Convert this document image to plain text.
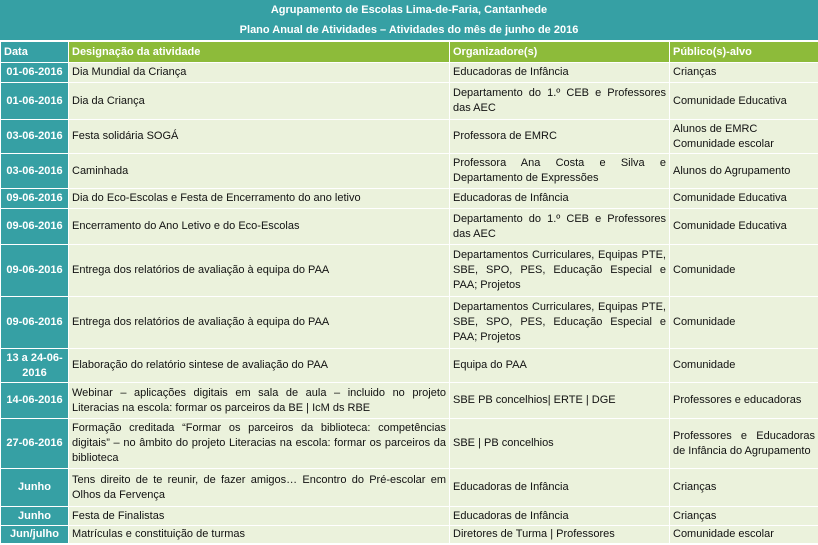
Agrupamento de Escolas Lima-de-Faria, Cantanhede
Plano Anual de Atividades – Atividades do mês de junho de 2016
Data	Designação da atividade	Organizadore(s)	Público(s)-alvo
01-06-2016	Dia Mundial da Criança	Educadoras de Infância	Crianças
01-06-2016	Dia da Criança	Departamento do 1.º CEB e Professores das AEC	Comunidade Educativa
03-06-2016	Festa solidária SOGÁ	Professora de EMRC	Alunos de EMRC Comunidade escolar
03-06-2016	Caminhada	Professora Ana Costa e Silva e Departamento de Expressões	Alunos do Agrupamento
09-06-2016	Dia do Eco-Escolas e Festa de Encerramento do ano letivo	Educadoras de Infância	Comunidade Educativa
09-06-2016	Encerramento do Ano Letivo e do Eco-Escolas	Departamento do 1.º CEB e Professores das AEC	Comunidade Educativa
09-06-2016	Entrega dos relatórios de avaliação à equipa do PAA	Departamentos Curriculares, Equipas PTE, SBE, SPO, PES, Educação Especial e PAA; Projetos	Comunidade
09-06-2016	Entrega dos relatórios de avaliação à equipa do PAA	Departamentos Curriculares, Equipas PTE, SBE, SPO, PES, Educação Especial e PAA; Projetos	Comunidade
13 a 24-06-2016	Elaboração do relatório sintese de avaliação do PAA	Equipa do PAA	Comunidade
14-06-2016	Webinar – aplicações digitais em sala de aula – incluido no projeto Literacias na escola: formar os parceiros da BE | IcM ds RBE	SBE PB concelhios| ERTE | DGE	Professores e educadoras
27-06-2016	Formação creditada “Formar os parceiros da biblioteca: competências digitais” – no âmbito do projeto Literacias na escola: formar os parceiros da biblioteca	SBE | PB concelhios	Professores e Educadoras de Infância do Agrupamento
Junho	Tens direito de te reunir, de fazer amigos… Encontro do Pré-escolar em Olhos da Fervença	Educadoras de Infância	Crianças
Junho	Festa de Finalistas	Educadoras de Infância	Crianças
Jun/julho	Matrículas e constituição de turmas	Diretores de Turma | Professores	Comunidade escolar
